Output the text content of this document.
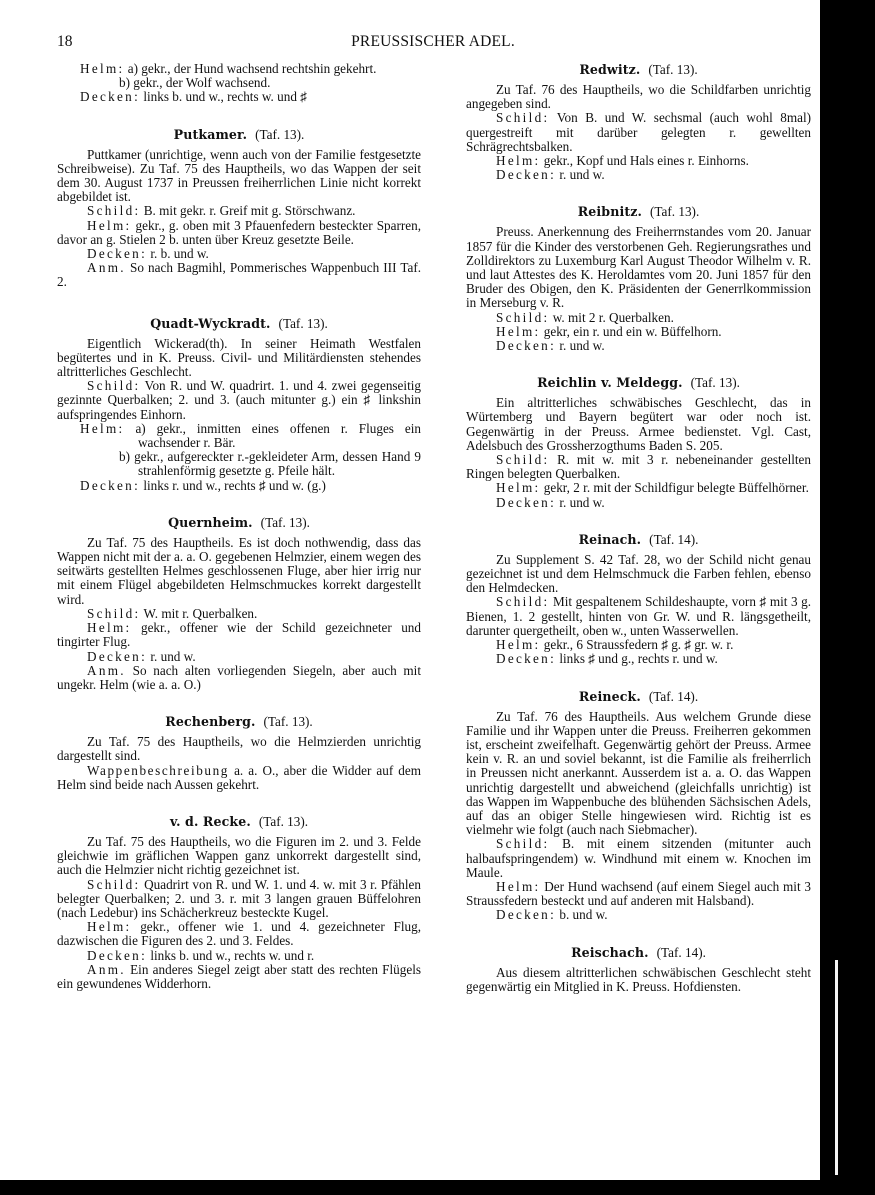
18	PREUSSISCHER ADEL.

Helm: a) gekr., der Hund wachsend rechtshin gekehrt.

b) gekr., der Wolf wachsend.

Decken: links b. und w., rechts w. und ♯

Putkamer. (Taf. 13).

Puttkamer (unrichtige, wenn auch von der Familie festgesetzte Schreibweise). Zu Taf. 75 des Hauptheils, wo das Wappen der seit dem 30. August 1737 in Preussen freiherrlichen Linie nicht korrekt abgebildet ist.

Schild: B. mit gekr. r. Greif mit g. Störschwanz.

Helm: gekr., g. oben mit 3 Pfauenfedern besteckter Sparren, davor an g. Stielen 2 b. unten über Kreuz gesetzte Beile.

Decken: r. b. und w.

Anm. So nach Bagmihl, Pommerisches Wappenbuch III Taf. 2.

Quadt-Wyckradt. (Taf. 13).

Eigentlich Wickerad(th). In seiner Heimath Westfalen begütertes und in K. Preuss. Civil- und Militärdiensten stehendes altritterliches Geschlecht.

Schild: Von R. und W. quadrirt. 1. und 4. zwei gegenseitig gezinnte Querbalken; 2. und 3. (auch mitunter g.) ein ♯ linkshin aufspringendes Einhorn.

Helm: a) gekr., inmitten eines offenen r. Fluges ein wachsender r. Bär.

b) gekr., aufgereckter r.-gekleideter Arm, dessen Hand 9 strahlenförmig gesetzte g. Pfeile hält.

Decken: links r. und w., rechts ♯ und w. (g.)

Quernheim. (Taf. 13).

Zu Taf. 75 des Hauptheils. Es ist doch nothwendig, dass das Wappen nicht mit der a. a. O. gegebenen Helmzier, einem wegen des seitwärts gestellten Helmes geschlossenen Fluge, aber hier irrig nur mit einem Flügel abgebildeten Helmschmuckes korrekt dargestellt wird.

Schild: W. mit r. Querbalken.

Helm: gekr., offener wie der Schild gezeichneter und tingirter Flug.

Decken: r. und w.

Anm. So nach alten vorliegenden Siegeln, aber auch mit ungekr. Helm (wie a. a. O.)

Rechenberg. (Taf. 13).

Zu Taf. 75 des Hauptheils, wo die Helmzierden unrichtig dargestellt sind.

Wappenbeschreibung a. a. O., aber die Widder auf dem Helm sind beide nach Aussen gekehrt.

v. d. Recke. (Taf. 13).

Zu Taf. 75 des Hauptheils, wo die Figuren im 2. und 3. Felde gleichwie im gräflichen Wappen ganz unkorrekt dargestellt sind, auch die Helmzier nicht richtig gezeichnet ist.

Schild: Quadrirt von R. und W. 1. und 4. w. mit 3 r. Pfählen belegter Querbalken; 2. und 3. r. mit 3 langen grauen Büffelohren (nach Ledebur) ins Schächerkreuz besteckte Kugel.

Helm: gekr., offener wie 1. und 4. gezeichneter Flug, dazwischen die Figuren des 2. und 3. Feldes.

Decken: links b. und w., rechts w. und r.

Anm. Ein anderes Siegel zeigt aber statt des rechten Flügels ein gewundenes Widderhorn.

Redwitz. (Taf. 13).

Zu Taf. 76 des Hauptheils, wo die Schildfarben unrichtig angegeben sind.

Schild: Von B. und W. sechsmal (auch wohl 8mal) quergestreift mit darüber gelegten r. gewellten Schrägrechtsbalken.

Helm: gekr., Kopf und Hals eines r. Einhorns.

Decken: r. und w.

Reibnitz. (Taf. 13).

Preuss. Anerkennung des Freiherrnstandes vom 20. Januar 1857 für die Kinder des verstorbenen Geh. Regierungsrathes und Zolldirektors zu Luxemburg Karl August Theodor Wilhelm v. R. und laut Attestes des K. Heroldamtes vom 20. Juni 1857 für den Bruder des Obigen, den K. Präsidenten der Generrlkommission in Merseburg v. R.

Schild: w. mit 2 r. Querbalken.

Helm: gekr, ein r. und ein w. Büffelhorn.

Decken: r. und w.

Reichlin v. Meldegg. (Taf. 13).

Ein altritterliches schwäbisches Geschlecht, das in Würtemberg und Bayern begütert war oder noch ist. Gegenwärtig in der Preuss. Armee bedienstet. Vgl. Cast, Adelsbuch des Grossherzogthums Baden S. 205.

Schild: R. mit w. mit 3 r. nebeneinander gestellten Ringen belegten Querbalken.

Helm: gekr, 2 r. mit der Schildfigur belegte Büffelhörner.

Decken: r. und w.

Reinach. (Taf. 14).

Zu Supplement S. 42 Taf. 28, wo der Schild nicht genau gezeichnet ist und dem Helmschmuck die Farben fehlen, ebenso den Helmdecken.

Schild: Mit gespaltenem Schildeshaupte, vorn ♯ mit 3 g. Bienen, 1. 2 gestellt, hinten von Gr. W. und R. längsgetheilt, darunter quergetheilt, oben w., unten Wasserwellen.

Helm: gekr., 6 Straussfedern ♯ g. ♯ gr. w. r.

Decken: links ♯ und g., rechts r. und w.

Reineck. (Taf. 14).

Zu Taf. 76 des Hauptheils. Aus welchem Grunde diese Familie und ihr Wappen unter die Preuss. Freiherren gekommen ist, erscheint zweifelhaft. Gegenwärtig gehört der Preuss. Armee kein v. R. an und soviel bekannt, ist die Familie als freiherrlich in Preussen nicht anerkannt. Ausserdem ist a. a. O. das Wappen unrichtig dargestellt und abweichend (gleichfalls unrichtig) ist das Wappen im Wappenbuche des blühenden Sächsischen Adels, auf das an obiger Stelle hingewiesen wird. Richtig ist es vielmehr wie folgt (auch nach Siebmacher).

Schild: B. mit einem sitzenden (mitunter auch halbaufspringendem) w. Windhund mit einem w. Knochen im Maule.

Helm: Der Hund wachsend (auf einem Siegel auch mit 3 Straussfedern besteckt und auf anderen mit Halsband).

Decken: b. und w.

Reischach. (Taf. 14).

Aus diesem altritterlichen schwäbischen Geschlecht steht gegenwärtig ein Mitglied in K. Preuss. Hofdiensten.
